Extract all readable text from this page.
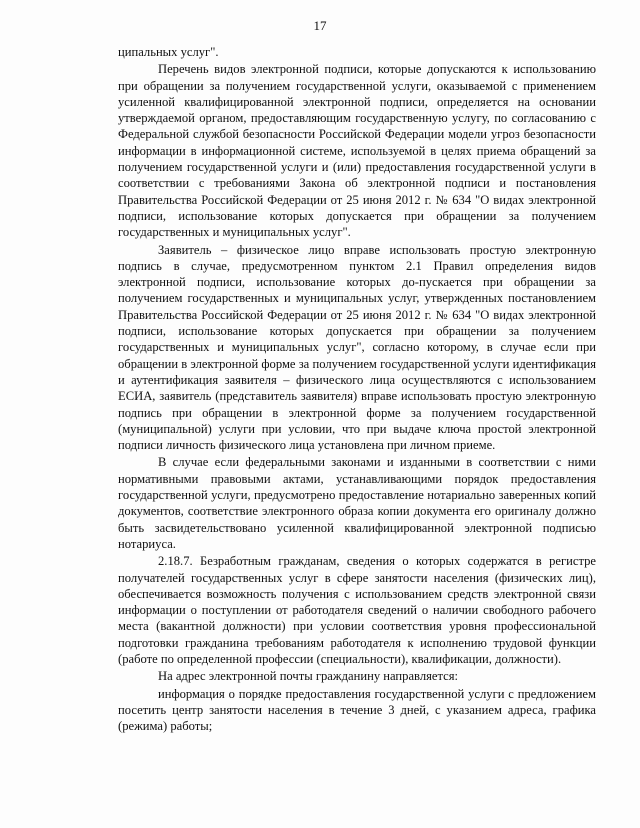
17

ципальных услуг".

Перечень видов электронной подписи, которые допускаются к использованию при обращении за получением государственной услуги, оказываемой с применением усиленной квалифицированной электронной подписи, определяется на основании утверждаемой органом, предоставляющим государственную услугу, по согласованию с Федеральной службой безопасности Российской Федерации модели угроз безопасности информации в информационной системе, используемой в целях приема обращений за получением государственной услуги и (или) предоставления государственной услуги в соответствии с требованиями Закона об электронной подписи и постановления Правительства Российской Федерации от 25 июня 2012 г. № 634 "О видах электронной подписи, использование которых допускается при обращении за получением государственных и муниципальных услуг".

Заявитель – физическое лицо вправе использовать простую электронную подпись в случае, предусмотренном пунктом 2.1 Правил определения видов электронной подписи, использование которых до-пускается при обращении за получением государственных и муниципальных услуг, утвержденных постановлением Правительства Российской Федерации от 25 июня 2012 г. № 634 "О видах электронной подписи, использование которых допускается при обращении за получением государственных и муниципальных услуг", согласно которому, в случае если при обращении в электронной форме за получением государственной услуги идентификация и аутентификация заявителя – физического лица осуществляются с использованием ЕСИА, заявитель (представитель заявителя) вправе использовать простую электронную подпись при обращении в электронной форме за получением государственной (муниципальной) услуги при условии, что при выдаче ключа простой электронной подписи личность физического лица установлена при личном приеме.

В случае если федеральными законами и изданными в соответствии с ними нормативными правовыми актами, устанавливающими порядок предоставления государственной услуги, предусмотрено предоставление нотариально заверенных копий документов, соответствие электронного образа копии документа его оригиналу должно быть засвидетельствовано усиленной квалифицированной электронной подписью нотариуса.

2.18.7. Безработным гражданам, сведения о которых содержатся в регистре получателей государственных услуг в сфере занятости населения (физических лиц), обеспечивается возможность получения с использованием средств электронной связи информации о поступлении от работодателя сведений о наличии свободного рабочего места (вакантной должности) при условии соответствия уровня профессиональной подготовки гражданина требованиям работодателя к исполнению трудовой функции (работе по определенной профессии (специальности), квалификации, должности).

На адрес электронной почты гражданину направляется:

информация о порядке предоставления государственной услуги с предложением посетить центр занятости населения в течение 3 дней, с указанием адреса, графика (режима) работы;
